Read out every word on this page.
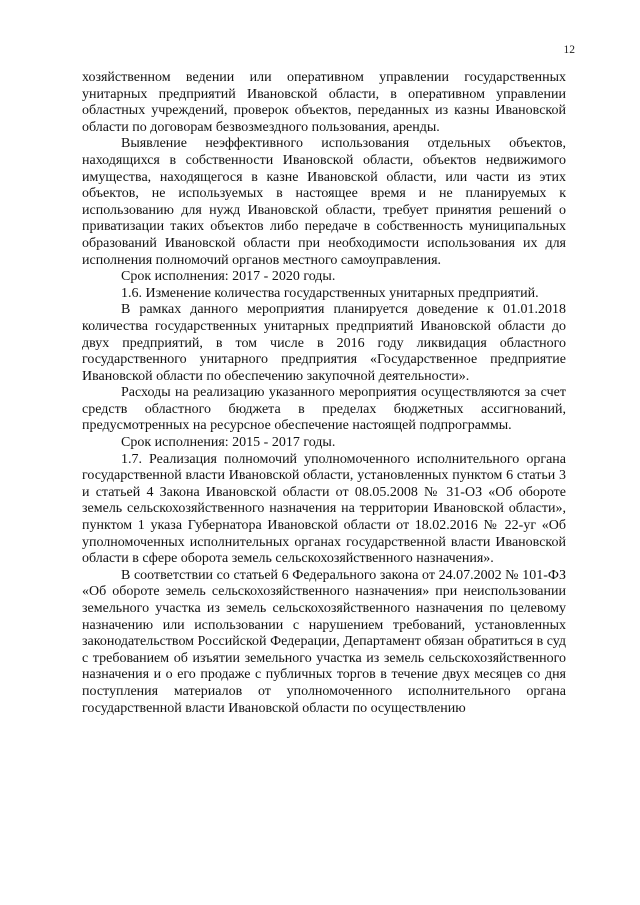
12

хозяйственном ведении или оперативном управлении государственных унитарных предприятий Ивановской области, в оперативном управлении областных учреждений, проверок объектов, переданных из казны Ивановской области по договорам безвозмездного пользования, аренды.

Выявление неэффективного использования отдельных объектов, находящихся в собственности Ивановской области, объектов недвижимого имущества, находящегося в казне Ивановской области, или части из этих объектов, не используемых в настоящее время и не планируемых к использованию для нужд Ивановской области, требует принятия решений о приватизации таких объектов либо передаче в собственность муниципальных образований Ивановской области при необходимости использования их для исполнения полномочий органов местного самоуправления.

Срок исполнения: 2017 - 2020 годы.

1.6. Изменение количества государственных унитарных предприятий.

В рамках данного мероприятия планируется доведение к 01.01.2018 количества государственных унитарных предприятий Ивановской области до двух предприятий, в том числе в 2016 году ликвидация областного государственного унитарного предприятия «Государственное предприятие Ивановской области по обеспечению закупочной деятельности».

Расходы на реализацию указанного мероприятия осуществляются за счет средств областного бюджета в пределах бюджетных ассигнований, предусмотренных на ресурсное обеспечение настоящей подпрограммы.

Срок исполнения: 2015 - 2017 годы.

1.7. Реализация полномочий уполномоченного исполнительного органа государственной власти Ивановской области, установленных пунктом 6 статьи 3 и статьей 4 Закона Ивановской области от 08.05.2008 № 31-ОЗ «Об обороте земель сельскохозяйственного назначения на территории Ивановской области», пунктом 1 указа Губернатора Ивановской области от 18.02.2016 № 22-уг «Об уполномоченных исполнительных органах государственной власти Ивановской области в сфере оборота земель сельскохозяйственного назначения».

В соответствии со статьей 6 Федерального закона от 24.07.2002 № 101-ФЗ «Об обороте земель сельскохозяйственного назначения» при неиспользовании земельного участка из земель сельскохозяйственного назначения по целевому назначению или использовании с нарушением требований, установленных законодательством Российской Федерации, Департамент обязан обратиться в суд с требованием об изъятии земельного участка из земель сельскохозяйственного назначения и о его продаже с публичных торгов в течение двух месяцев со дня поступления материалов от уполномоченного исполнительного органа государственной власти Ивановской области по осуществлению
